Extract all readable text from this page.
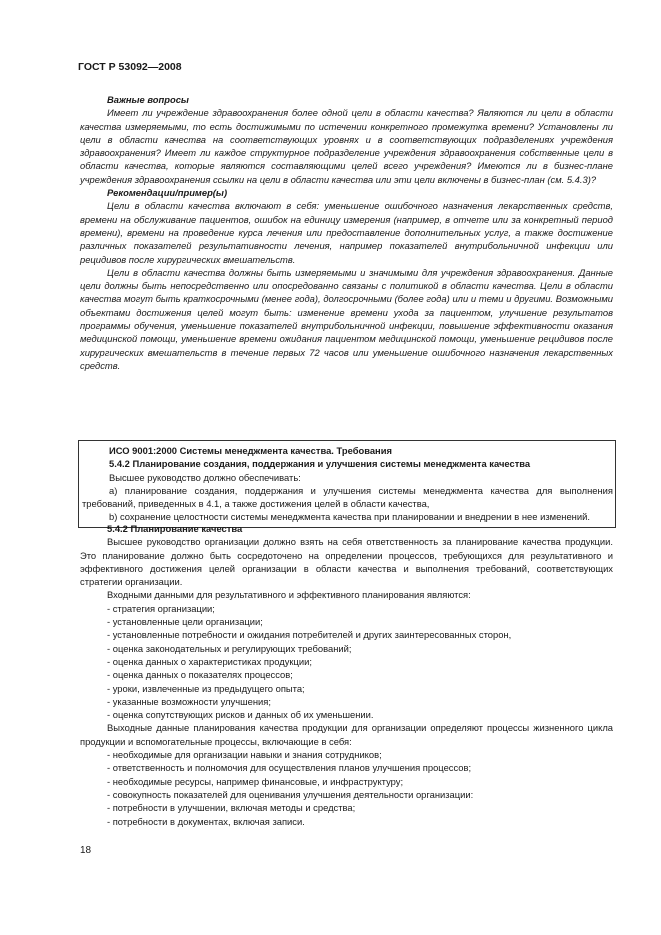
ГОСТ Р 53092—2008

Важные вопросы

Имеет ли учреждение здравоохранения более одной цели в области качества? Являются ли цели в области качества измеряемыми, то есть достижимыми по истечении конкретного промежутка времени? Установлены ли цели в области качества на соответствующих уровнях и в соответствующих подразделениях учреждения здравоохранения? Имеет ли каждое структурное подразделение учреждения здравоохранения собственные цели в области качества, которые являются составляющими целей всего учреждения? Имеются ли в бизнес-плане учреждения здравоохранения ссылки на цели в области качества или эти цели включены в бизнес-план (см. 5.4.3)?

Рекомендации/пример(ы)

Цели в области качества включают в себя: уменьшение ошибочного назначения лекарственных средств, времени на обслуживание пациентов, ошибок на единицу измерения (например, в отчете или за конкретный период времени), времени на проведение курса лечения или предоставление дополнительных услуг, а также достижение различных показателей результативности лечения, например показателей внутрибольничной инфекции или рецидивов после хирургических вмешательств.

Цели в области качества должны быть измеряемыми и значимыми для учреждения здравоохранения. Данные цели должны быть непосредственно или опосредованно связаны с политикой в области качества. Цели в области качества могут быть краткосрочными (менее года), долгосрочными (более года) или и теми и другими. Возможными объектами достижения целей могут быть: изменение времени ухода за пациентом, улучшение результатов программы обучения, уменьшение показателей внутрибольничной инфекции, повышение эффективности оказания медицинской помощи, уменьшение времени ожидания пациентом медицинской помощи, уменьшение рецидивов после хирургических вмешательств в течение первых 72 часов или уменьшение ошибочного назначения лекарственных средств.

ИСО 9001:2000 Системы менеджмента качества. Требования

5.4.2 Планирование создания, поддержания и улучшения системы менеджмента качества

Высшее руководство должно обеспечивать:

a) планирование создания, поддержания и улучшения системы менеджмента качества для выполнения требований, приведенных в 4.1, а также достижения целей в области качества,

b) сохранение целостности системы менеджмента качества при планировании и внедрении в нее изменений.

5.4.2 Планирование качества

Высшее руководство организации должно взять на себя ответственность за планирование качества продукции. Это планирование должно быть сосредоточено на определении процессов, требующихся для результативного и эффективного достижения целей организации в области качества и выполнения требований, соответствующих стратегии организации.

Входными данными для результативного и эффективного планирования являются:

- стратегия организации;
- установленные цели организации;
- установленные потребности и ожидания потребителей и других заинтересованных сторон,
- оценка законодательных и регулирующих требований;
- оценка данных о характеристиках продукции;
- оценка данных о показателях процессов;
- уроки, извлеченные из предыдущего опыта;
- указанные возможности улучшения;
- оценка сопутствующих рисков и данных об их уменьшении.

Выходные данные планирования качества продукции для организации определяют процессы жизненного цикла продукции и вспомогательные процессы, включающие в себя:

- необходимые для организации навыки и знания сотрудников;
- ответственность и полномочия для осуществления планов улучшения процессов;
- необходимые ресурсы, например финансовые, и инфраструктуру;
- совокупность показателей для оценивания улучшения деятельности организации:
- потребности в улучшении, включая методы и средства;
- потребности в документах, включая записи.
18
